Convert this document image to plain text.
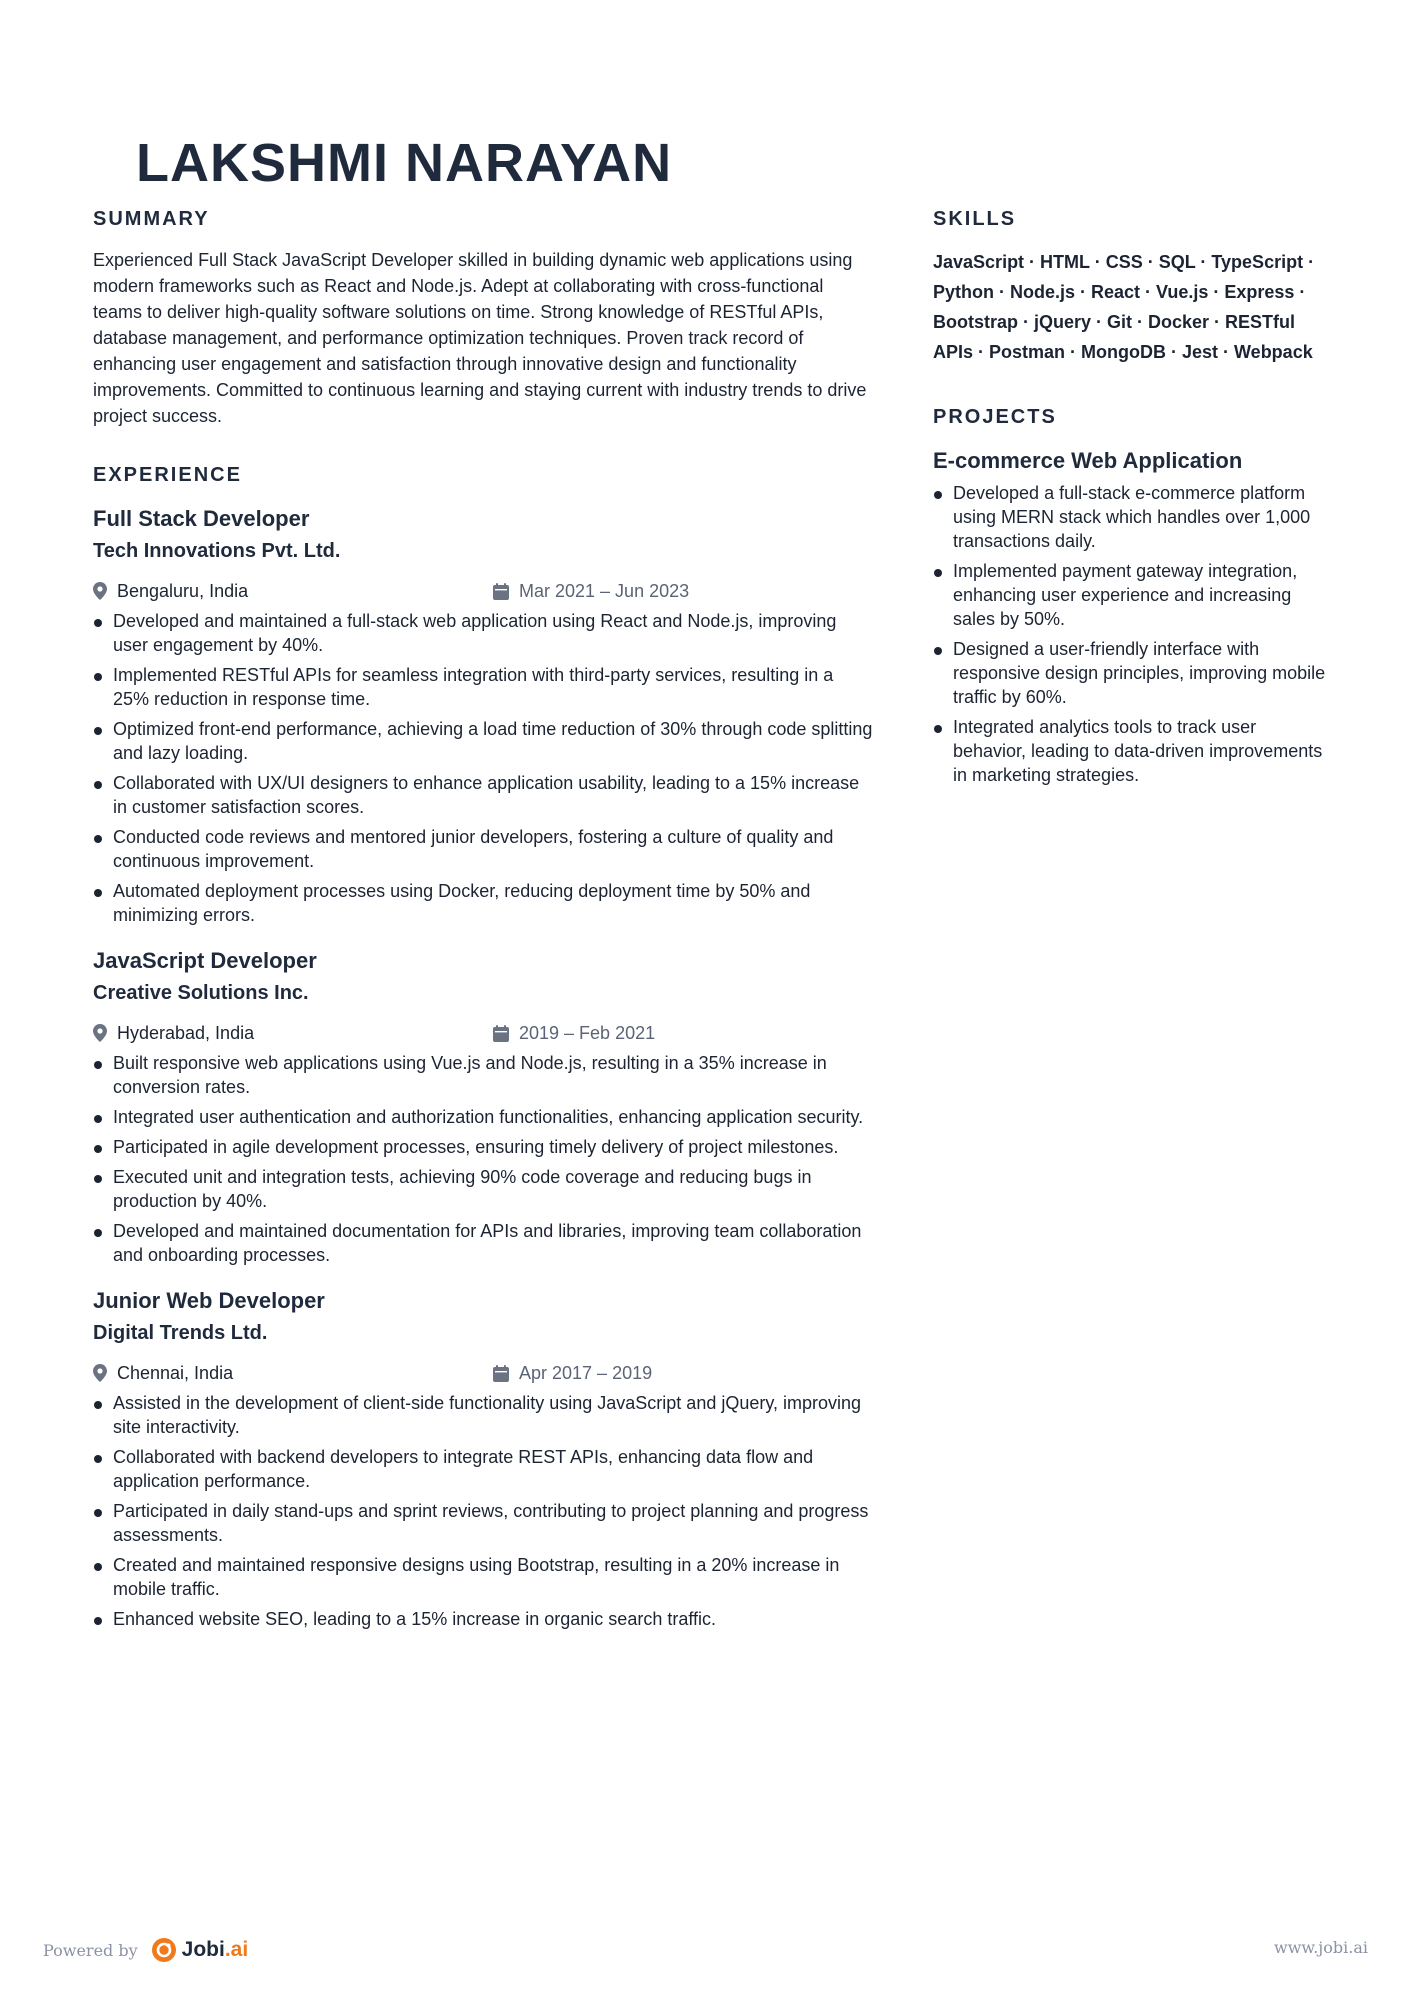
LAKSHMI NARAYAN
SUMMARY

Experienced Full Stack JavaScript Developer skilled in building dynamic web applications using modern frameworks such as React and Node.js. Adept at collaborating with cross-functional teams to deliver high-quality software solutions on time. Strong knowledge of RESTful APIs, database management, and performance optimization techniques. Proven track record of enhancing user engagement and satisfaction through innovative design and functionality improvements. Committed to continuous learning and staying current with industry trends to drive project success.

EXPERIENCE
Full Stack Developer
Tech Innovations Pvt. Ltd.
Bengaluru, India	Mar 2021 – Jun 2023
Developed and maintained a full-stack web application using React and Node.js, improving user engagement by 40%.
Implemented RESTful APIs for seamless integration with third-party services, resulting in a 25% reduction in response time.
Optimized front-end performance, achieving a load time reduction of 30% through code splitting and lazy loading.
Collaborated with UX/UI designers to enhance application usability, leading to a 15% increase in customer satisfaction scores.
Conducted code reviews and mentored junior developers, fostering a culture of quality and continuous improvement.
Automated deployment processes using Docker, reducing deployment time by 50% and minimizing errors.
JavaScript Developer
Creative Solutions Inc.
Hyderabad, India	2019 – Feb 2021
Built responsive web applications using Vue.js and Node.js, resulting in a 35% increase in conversion rates.
Integrated user authentication and authorization functionalities, enhancing application security.
Participated in agile development processes, ensuring timely delivery of project milestones.
Executed unit and integration tests, achieving 90% code coverage and reducing bugs in production by 40%.
Developed and maintained documentation for APIs and libraries, improving team collaboration and onboarding processes.
Junior Web Developer
Digital Trends Ltd.
Chennai, India	Apr 2017 – 2019
Assisted in the development of client-side functionality using JavaScript and jQuery, improving site interactivity.
Collaborated with backend developers to integrate REST APIs, enhancing data flow and application performance.
Participated in daily stand-ups and sprint reviews, contributing to project planning and progress assessments.
Created and maintained responsive designs using Bootstrap, resulting in a 20% increase in mobile traffic.
Enhanced website SEO, leading to a 15% increase in organic search traffic.
SKILLS

JavaScript · HTML · CSS · SQL · TypeScript · Python · Node.js · React · Vue.js · Express · Bootstrap · jQuery · Git · Docker · RESTful APIs · Postman · MongoDB · Jest · Webpack

PROJECTS
E-commerce Web Application
Developed a full-stack e-commerce platform using MERN stack which handles over 1,000 transactions daily.
Implemented payment gateway integration, enhancing user experience and increasing sales by 50%.
Designed a user-friendly interface with responsive design principles, improving mobile traffic by 60%.
Integrated analytics tools to track user behavior, leading to data-driven improvements in marketing strategies.
Powered by Jobi.ai	www.jobi.ai
